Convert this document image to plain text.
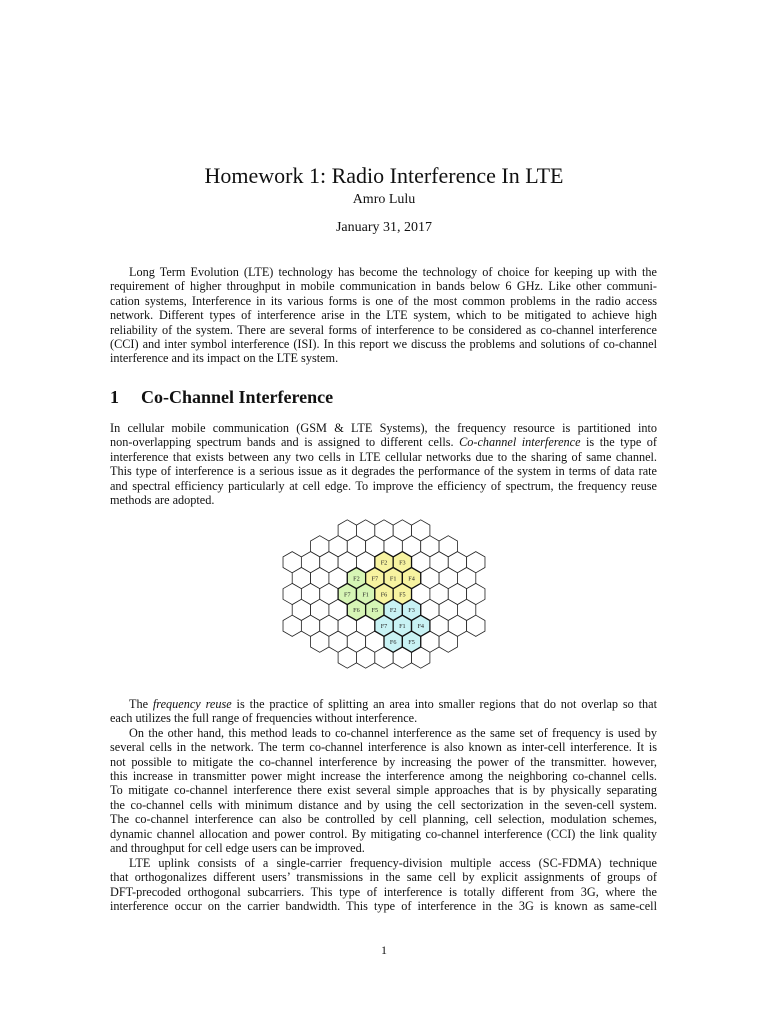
Homework 1: Radio Interference In LTE
Amro Lulu
January 31, 2017
Long Term Evolution (LTE) technology has become the technology of choice for keeping up with the
requirement of higher throughput in mobile communication in bands below 6 GHz. Like other communi-
cation systems, Interference in its various forms is one of the most common problems in the radio access
network. Different types of interference arise in the LTE system, which to be mitigated to achieve high
reliability of the system. There are several forms of interference to be considered as co-channel interference
(CCI) and inter symbol interference (ISI). In this report we discuss the problems and solutions of co-channel
interference and its impact on the LTE system.
1 Co-Channel Interference
In cellular mobile communication (GSM & LTE Systems), the frequency resource is partitioned into
non-overlapping spectrum bands and is assigned to different cells. Co-channel interference is the type of
interference that exists between any two cells in LTE cellular networks due to the sharing of same channel.
This type of interference is a serious issue as it degrades the performance of the system in terms of data rate
and spectral efficiency particularly at cell edge. To improve the efficiency of spectrum, the frequency reuse
methods are adopted.
F2 F3
F2 F7 F1 F4
F7 F1 F6 F5
F6 F5 F2 F3
F7 F1 F4
F6 F5
The frequency reuse is the practice of splitting an area into smaller regions that do not overlap so that
each utilizes the full range of frequencies without interference.
On the other hand, this method leads to co-channel interference as the same set of frequency is used by
several cells in the network. The term co-channel interference is also known as inter-cell interference. It is
not possible to mitigate the co-channel interference by increasing the power of the transmitter. however,
this increase in transmitter power might increase the interference among the neighboring co-channel cells.
To mitigate co-channel interference there exist several simple approaches that is by physically separating
the co-channel cells with minimum distance and by using the cell sectorization in the seven-cell system.
The co-channel interference can also be controlled by cell planning, cell selection, modulation schemes,
dynamic channel allocation and power control. By mitigating co-channel interference (CCI) the link quality
and throughput for cell edge users can be improved.
LTE uplink consists of a single-carrier frequency-division multiple access (SC-FDMA) technique
that orthogonalizes different users’ transmissions in the same cell by explicit assignments of groups of
DFT-precoded orthogonal subcarriers. This type of interference is totally different from 3G, where the
interference occur on the carrier bandwidth. This type of interference in the 3G is known as same-cell
1
